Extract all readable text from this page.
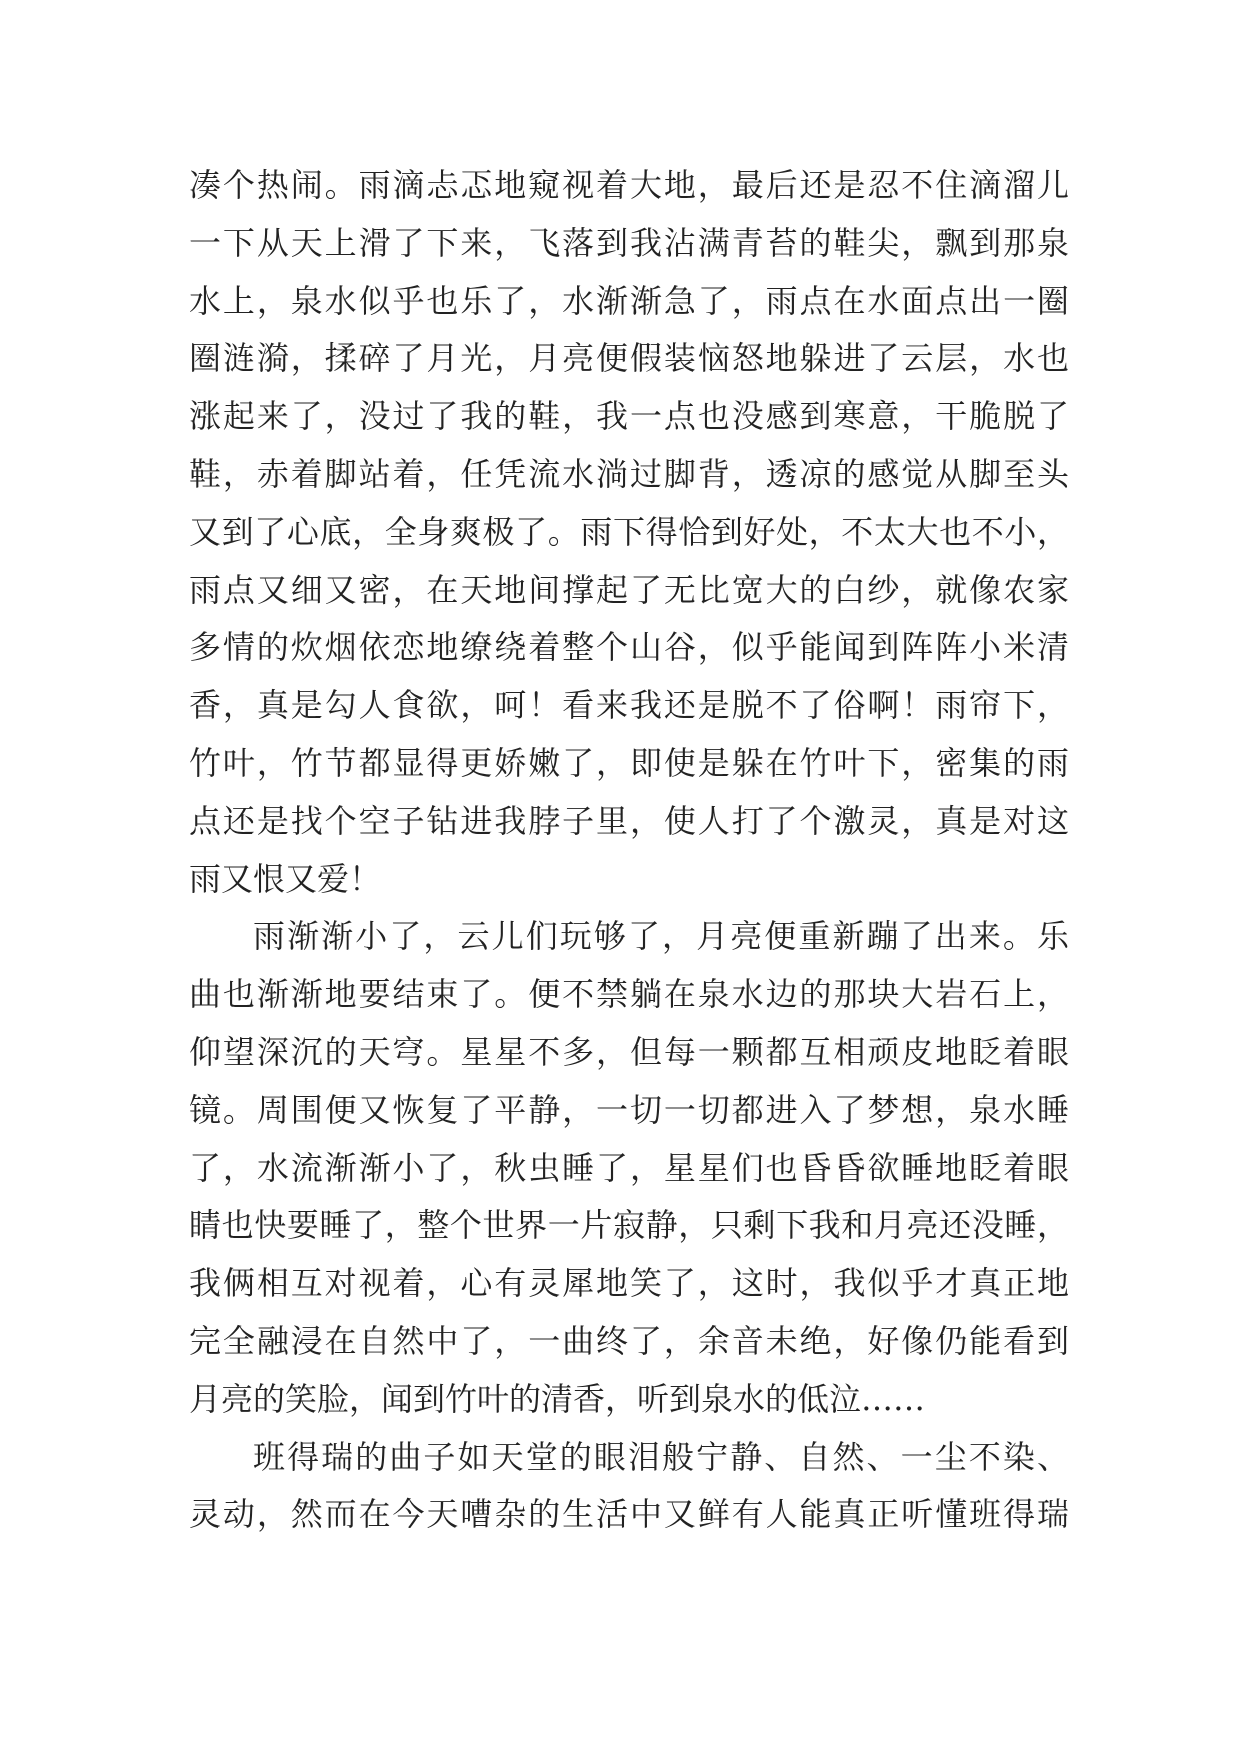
凑个热闹。雨滴忐忑地窥视着大地，最后还是忍不住滴溜儿
一下从天上滑了下来，飞落到我沾满青苔的鞋尖，飘到那泉
水上，泉水似乎也乐了，水渐渐急了，雨点在水面点出一圈
圈涟漪，揉碎了月光，月亮便假装恼怒地躲进了云层，水也
涨起来了，没过了我的鞋，我一点也没感到寒意，干脆脱了
鞋，赤着脚站着，任凭流水淌过脚背，透凉的感觉从脚至头
又到了心底，全身爽极了。雨下得恰到好处，不太大也不小，
雨点又细又密，在天地间撑起了无比宽大的白纱，就像农家
多情的炊烟依恋地缭绕着整个山谷，似乎能闻到阵阵小米清
香，真是勾人食欲，呵！看来我还是脱不了俗啊！雨帘下，
竹叶，竹节都显得更娇嫩了，即使是躲在竹叶下，密集的雨
点还是找个空子钻进我脖子里，使人打了个激灵，真是对这
雨又恨又爱！
雨渐渐小了，云儿们玩够了，月亮便重新蹦了出来。乐
曲也渐渐地要结束了。便不禁躺在泉水边的那块大岩石上，
仰望深沉的天穹。星星不多，但每一颗都互相顽皮地眨着眼
镜。周围便又恢复了平静，一切一切都进入了梦想，泉水睡
了，水流渐渐小了，秋虫睡了，星星们也昏昏欲睡地眨着眼
睛也快要睡了，整个世界一片寂静，只剩下我和月亮还没睡，
我俩相互对视着，心有灵犀地笑了，这时，我似乎才真正地
完全融浸在自然中了，一曲终了，余音未绝，好像仍能看到
月亮的笑脸，闻到竹叶的清香，听到泉水的低泣……
班得瑞的曲子如天堂的眼泪般宁静、自然、一尘不染、
灵动，然而在今天嘈杂的生活中又鲜有人能真正听懂班得瑞
